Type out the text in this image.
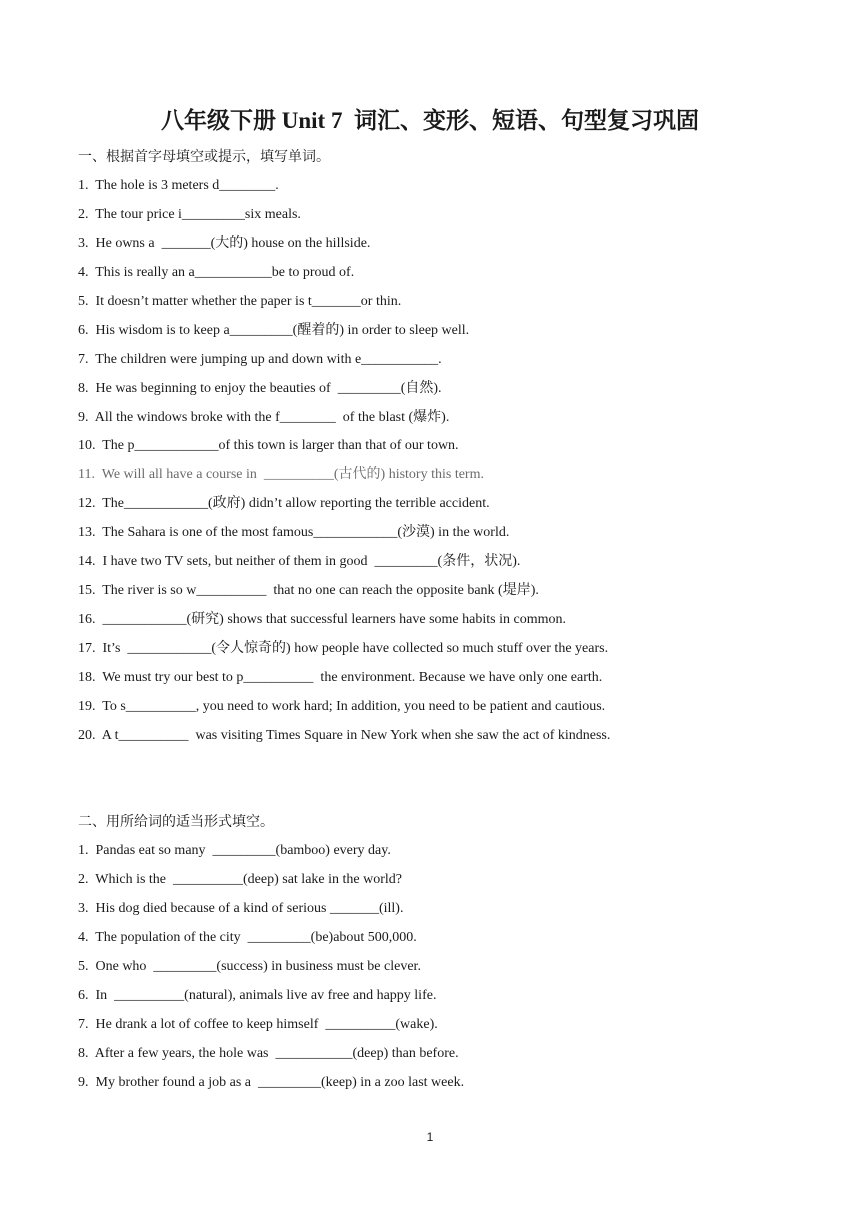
八年级下册 Unit 7  词汇、变形、短语、句型复习巩固
一、根据首字母填空或提示，填写单词。
1.  The hole is 3 meters d________.
2.  The tour price i_________six meals.
3.  He owns a  _______(大的) house on the hillside.
4.  This is really an a___________be to proud of.
5.  It doesn’t matter whether the paper is t_______or thin.
6.  His wisdom is to keep a_________(醒着的) in order to sleep well.
7.  The children were jumping up and down with e___________.
8.  He was beginning to enjoy the beauties of  _________(自然).
9.  All the windows broke with the f________  of the blast (爆炸).
10.  The p____________of this town is larger than that of our town.
11.  We will all have a course in  __________(古代的) history this term.
12.  The____________(政府) didn’t allow reporting the terrible accident.
13.  The Sahara is one of the most famous____________(沙漠) in the world.
14.  I have two TV sets, but neither of them in good  _________(条件，状况).
15.  The river is so w__________  that no one can reach the opposite bank (堤岸).
16.  ____________(研究) shows that successful learners have some habits in common.
17.  It’s  ____________(令人惊奇的) how people have collected so much stuff over the years.
18.  We must try our best to p__________  the environment. Because we have only one earth.
19.  To s__________, you need to work hard; In addition, you need to be patient and cautious.
20.  A t__________  was visiting Times Square in New York when she saw the act of kindness.
二、用所给词的适当形式填空。
1.  Pandas eat so many  _________(bamboo) every day.
2.  Which is the  __________(deep) sat lake in the world?
3.  His dog died because of a kind of serious _______(ill).
4.  The population of the city  _________(be)about 500,000.
5.  One who  _________(success) in business must be clever.
6.  In  __________(natural), animals live av free and happy life.
7.  He drank a lot of coffee to keep himself  __________(wake).
8.  After a few years, the hole was  ___________(deep) than before.
9.  My brother found a job as a  _________(keep) in a zoo last week.
1
